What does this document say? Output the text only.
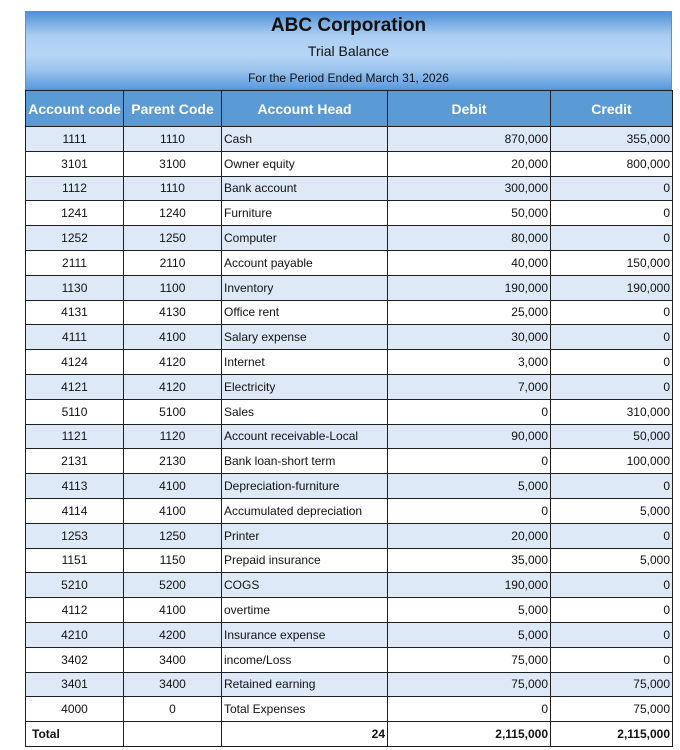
ABC Corporation
Trial Balance
For the Period Ended March 31, 2026
Account code	Parent Code	Account Head	Debit	Credit
1111	1110	Cash	870,000	355,000
3101	3100	Owner equity	20,000	800,000
1112	1110	Bank account	300,000	0
1241	1240	Furniture	50,000	0
1252	1250	Computer	80,000	0
2111	2110	Account payable	40,000	150,000
1130	1100	Inventory	190,000	190,000
4131	4130	Office rent	25,000	0
4111	4100	Salary expense	30,000	0
4124	4120	Internet	3,000	0
4121	4120	Electricity	7,000	0
5110	5100	Sales	0	310,000
1121	1120	Account receivable-Local	90,000	50,000
2131	2130	Bank loan-short term	0	100,000
4113	4100	Depreciation-furniture	5,000	0
4114	4100	Accumulated depreciation	0	5,000
1253	1250	Printer	20,000	0
1151	1150	Prepaid insurance	35,000	5,000
5210	5200	COGS	190,000	0
4112	4100	overtime	5,000	0
4210	4200	Insurance expense	5,000	0
3402	3400	income/Loss	75,000	0
3401	3400	Retained earning	75,000	75,000
4000	0	Total Expenses	0	75,000
Total		24	2,115,000	2,115,000
